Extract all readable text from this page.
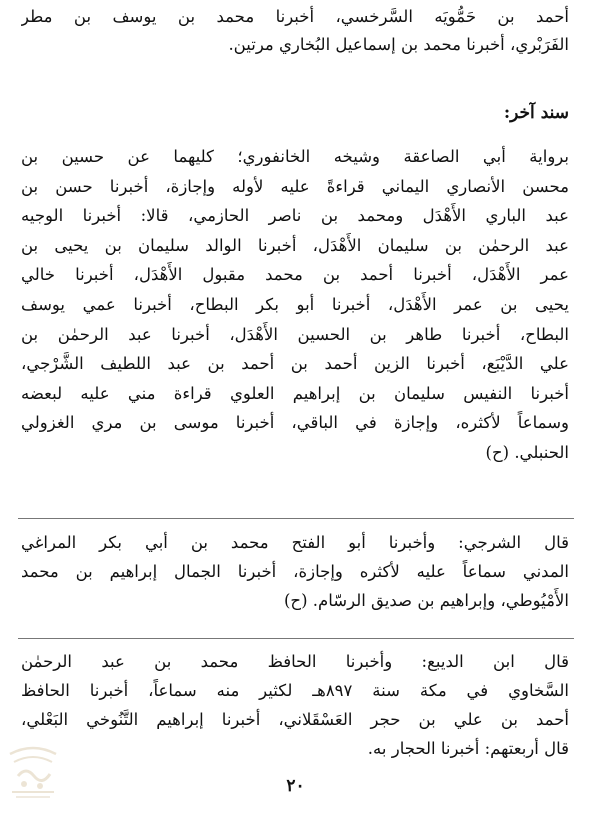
أحمد بن حَمُّويَه السَّرخسي، أخبرنا محمد بن يوسف بن مطر
الفَرَبْري، أخبرنا محمد بن إسماعيل البُخاري مرتين.
سند آخر:
برواية أبي الصاعقة وشيخه الخانفوري؛ كليهما عن حسين بن
محسن الأنصاري اليماني قراءةً عليه لأوله وإجازة، أخبرنا حسن بن
عبد الباري الأَهْدَل ومحمد بن ناصر الحازمي، قالا: أخبرنا الوجيه
عبد الرحمٰن بن سليمان الأَهْدَل، أخبرنا الوالد سليمان بن يحيى بن
عمر الأَهْدَل، أخبرنا أحمد بن محمد مقبول الأَهْدَل، أخبرنا خالي
يحيى بن عمر الأَهْدَل، أخبرنا أبو بكر البطاح، أخبرنا عمي يوسف
البطاح، أخبرنا طاهر بن الحسين الأَهْدَل، أخبرنا عبد الرحمٰن بن
علي الدَّيْبَع، أخبرنا الزين أحمد بن أحمد بن عبد اللطيف الشَّرْجي،
أخبرنا النفيس سليمان بن إبراهيم العلوي قراءة مني عليه لبعضه
وسماعاً لأكثره، وإجازة في الباقي، أخبرنا موسى بن مري الغزولي
الحنبلي. (ح)
قال الشرجي: وأخبرنا أبو الفتح محمد بن أبي بكر المراغي
المدني سماعاً عليه لأكثره وإجازة، أخبرنا الجمال إبراهيم بن محمد
الأَمْيُوطي، وإبراهيم بن صديق الرسّام. (ح)
قال ابن الديبع: وأخبرنا الحافظ محمد بن عبد الرحمٰن
السَّخاوي في مكة سنة ٨٩٧هـ لكثير منه سماعاً، أخبرنا الحافظ
أحمد بن علي بن حجر العَسْقَلاني، أخبرنا إبراهيم التَّنُوخي البَعْلي،
قال أربعتهم: أخبرنا الحجار به.
٢٠
